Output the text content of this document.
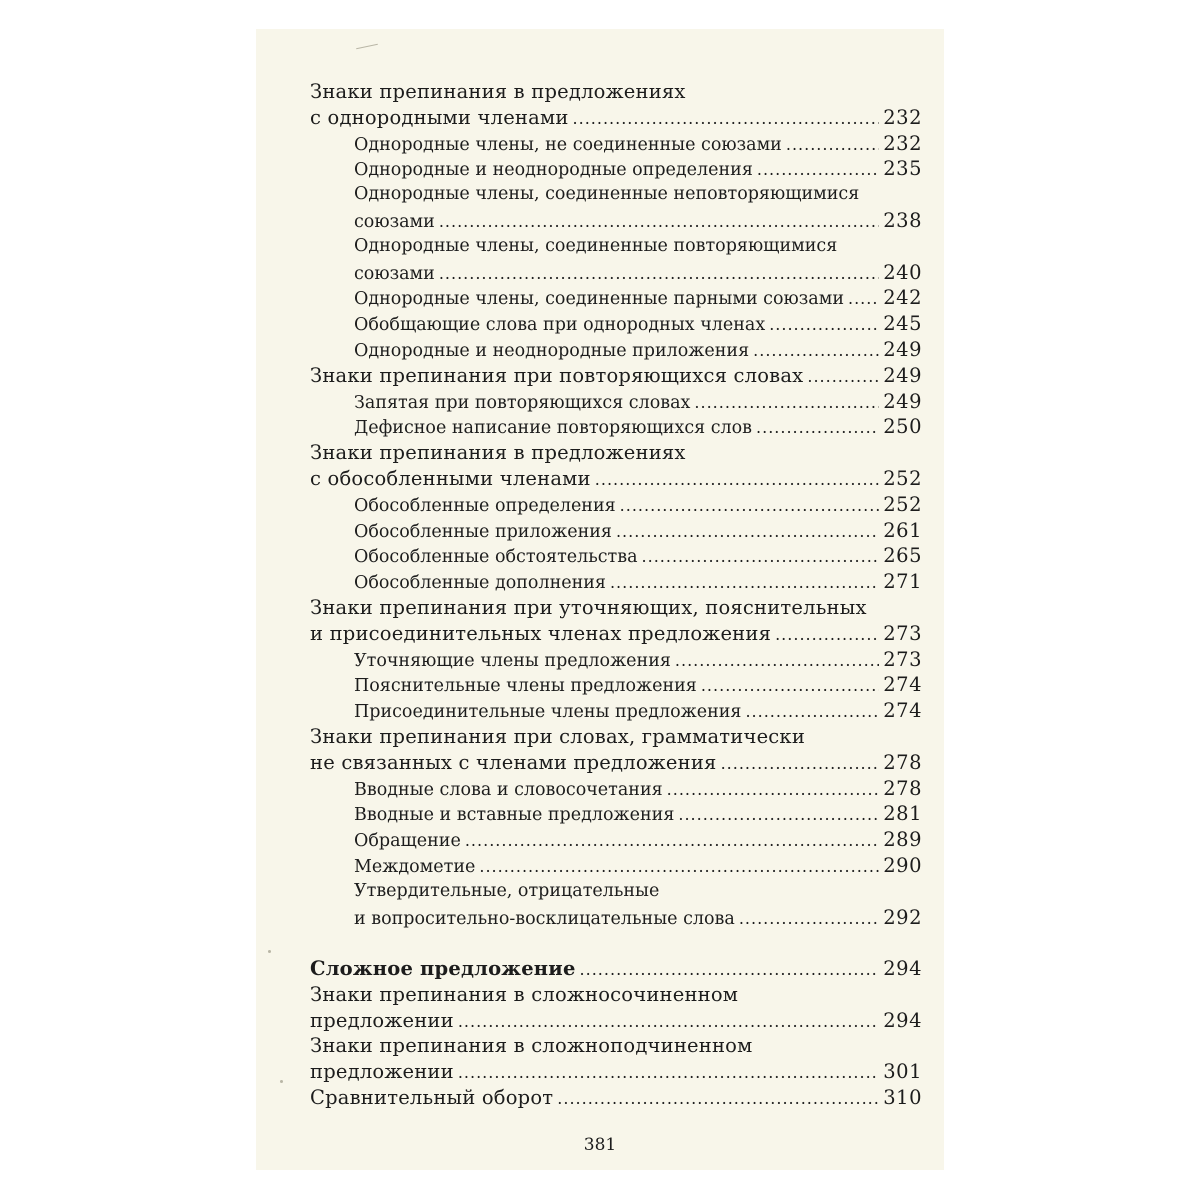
Знаки препинания в предложениях
с однородными членами .....	232
Однородные члены, не соединенные союзами .....	232
Однородные и неоднородные определения .....	235
Однородные члены, соединенные неповторяющимися
союзами .....	238
Однородные члены, соединенные повторяющимися
союзами .....	240
Однородные члены, соединенные парными союзами ..... 242
Обобщающие слова при однородных членах .....	245
Однородные и неоднородные приложения .....	249
Знаки препинания при повторяющихся словах .....	249
Запятая при повторяющихся словах .....	249
Дефисное написание повторяющихся слов .....	250
Знаки препинания в предложениях
с обособленными членами .....	252
Обособленные определения .....	252
Обособленные приложения .....	261
Обособленные обстоятельства .....	265
Обособленные дополнения .....	271
Знаки препинания при уточняющих, пояснительных
и присоединительных членах предложения .....	273
Уточняющие члены предложения .....	273
Пояснительные члены предложения .....	274
Присоединительные члены предложения .....	274
Знаки препинания при словах, грамматически
не связанных с членами предложения .....	278
Вводные слова и словосочетания .....	278
Вводные и вставные предложения .....	281
Обращение .....	289
Междометие .....	290
Утвердительные, отрицательные
и вопросительно-восклицательные слова .....	292
Сложное предложение .....	294
Знаки препинания в сложносочиненном
предложении .....	294
Знаки препинания в сложноподчиненном
предложении .....	301
Сравнительный оборот .....	310
381
